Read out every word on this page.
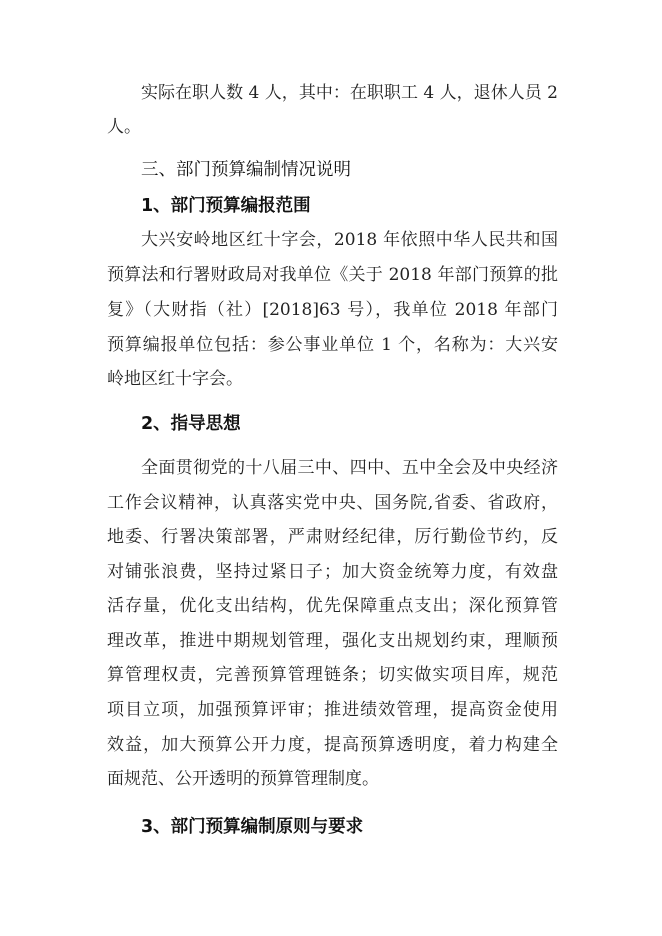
实际在职人数 4 人，其中：在职职工 4 人，退休人员 2
人。
三、部门预算编制情况说明
1、部门预算编报范围
大兴安岭地区红十字会，2018 年依照中华人民共和国
预算法和行署财政局对我单位《关于 2018 年部门预算的批
复》（大财指（社）[2018]63 号），我单位 2018 年部门
预算编报单位包括：参公事业单位 1 个，名称为：大兴安
岭地区红十字会。
2、指导思想
全面贯彻党的十八届三中、四中、五中全会及中央经济
工作会议精神，认真落实党中央、国务院,省委、省政府，
地委、行署决策部署，严肃财经纪律，厉行勤俭节约，反
对铺张浪费，坚持过紧日子；加大资金统筹力度，有效盘
活存量，优化支出结构，优先保障重点支出；深化预算管
理改革，推进中期规划管理，强化支出规划约束，理顺预
算管理权责，完善预算管理链条；切实做实项目库，规范
项目立项，加强预算评审；推进绩效管理，提高资金使用
效益，加大预算公开力度，提高预算透明度，着力构建全
面规范、公开透明的预算管理制度。
3、部门预算编制原则与要求
